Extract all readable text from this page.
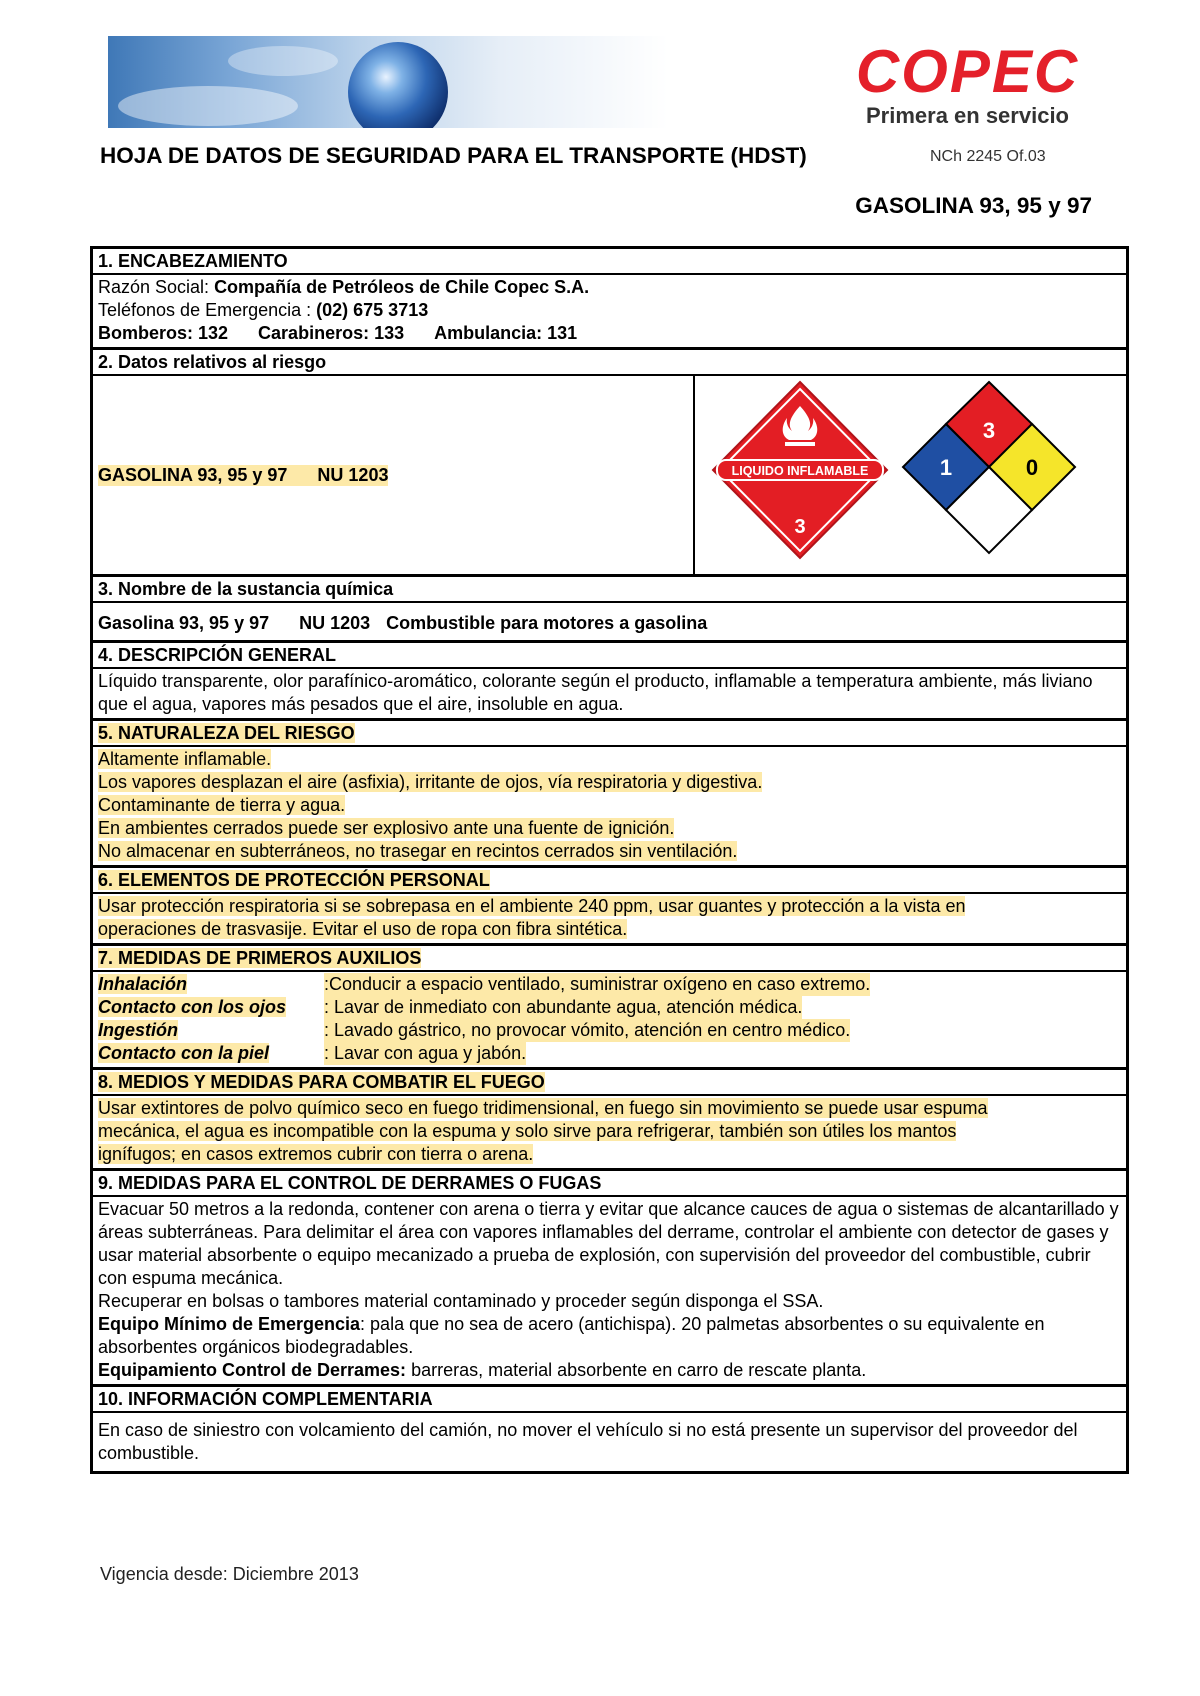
COPEC
Primera en servicio
HOJA DE DATOS DE SEGURIDAD PARA EL TRANSPORTE (HDST)	NCh 2245 Of.03
GASOLINA 93, 95 y 97
1. ENCABEZAMIENTO
Razón Social: Compañía de Petróleos de Chile Copec S.A.
Teléfonos de Emergencia : (02) 675 3713
Bomberos: 132 Carabineros: 133 Ambulancia: 131
2. Datos relativos al riesgo
GASOLINA 93, 95 y 97 NU 1203	LIQUIDO INFLAMABLE
3
3
1	0
3. Nombre de la sustancia química
Gasolina 93, 95 y 97 NU 1203 Combustible para motores a gasolina
4. DESCRIPCIÓN GENERAL
Líquido transparente, olor parafínico-aromático, colorante según el producto, inflamable a temperatura ambiente, más liviano que el agua, vapores más pesados que el aire, insoluble en agua.
5. NATURALEZA DEL RIESGO
Altamente inflamable.
Los vapores desplazan el aire (asfixia), irritante de ojos, vía respiratoria y digestiva.
Contaminante de tierra y agua.
En ambientes cerrados puede ser explosivo ante una fuente de ignición.
No almacenar en subterráneos, no trasegar en recintos cerrados sin ventilación.
6. ELEMENTOS DE PROTECCIÓN PERSONAL
Usar protección respiratoria si se sobrepasa en el ambiente 240 ppm, usar guantes y protección a la vista en
operaciones de trasvasije. Evitar el uso de ropa con fibra sintética.
7. MEDIDAS DE PRIMEROS AUXILIOS
Inhalación	:Conducir a espacio ventilado, suministrar oxígeno en caso extremo.
Contacto con los ojos	: Lavar de inmediato con abundante agua, atención médica.
Ingestión	: Lavado gástrico, no provocar vómito, atención en centro médico.
Contacto con la piel	: Lavar con agua y jabón.
8. MEDIOS Y MEDIDAS PARA COMBATIR EL FUEGO
Usar extintores de polvo químico seco en fuego tridimensional, en fuego sin movimiento se puede usar espuma
mecánica, el agua es incompatible con la espuma y solo sirve para refrigerar, también son útiles los mantos
ignífugos; en casos extremos cubrir con tierra o arena.
9. MEDIDAS PARA EL CONTROL DE DERRAMES O FUGAS
Evacuar 50 metros a la redonda, contener con arena o tierra y evitar que alcance cauces de agua o sistemas de alcantarillado y áreas subterráneas. Para delimitar el área con vapores inflamables del derrame, controlar el ambiente con detector de gases y usar material absorbente o equipo mecanizado a prueba de explosión, con supervisión del proveedor del combustible, cubrir con espuma mecánica.
Recuperar en bolsas o tambores material contaminado y proceder según disponga el SSA.
Equipo Mínimo de Emergencia: pala que no sea de acero (antichispa). 20 palmetas absorbentes o su equivalente en absorbentes orgánicos biodegradables.
Equipamiento Control de Derrames: barreras, material absorbente en carro de rescate planta.
10. INFORMACIÓN COMPLEMENTARIA
En caso de siniestro con volcamiento del camión, no mover el vehículo si no está presente un supervisor del proveedor del combustible.
Vigencia desde: Diciembre 2013
